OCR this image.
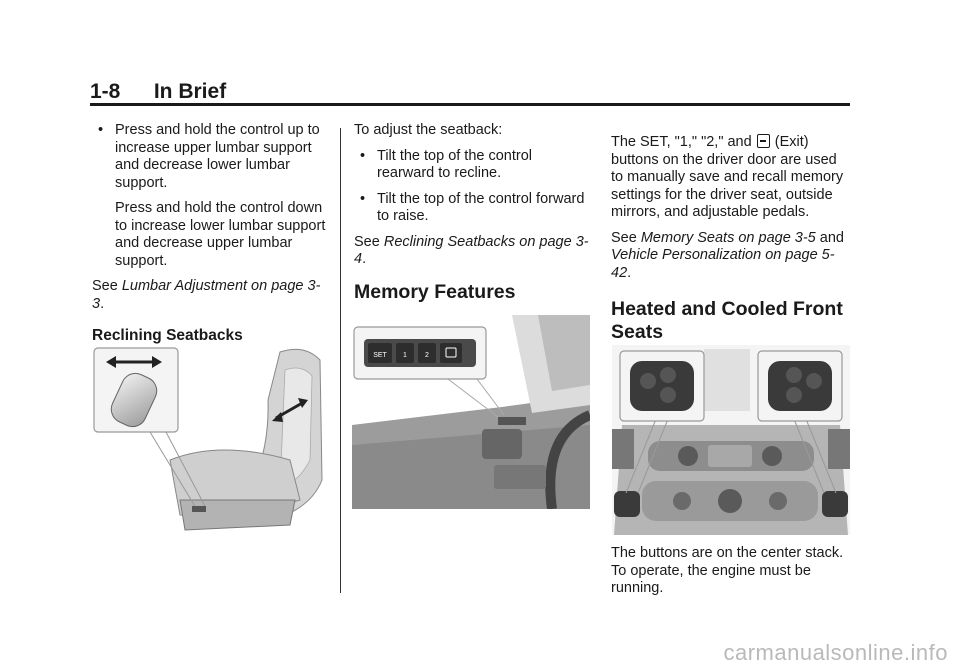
1-8 In Brief
• Press and hold the control up to increase upper lumbar support and decrease lower lumbar support.

Press and hold the control down to increase lower lumbar support and decrease upper lumbar support.

See Lumbar Adjustment on page 3-3.

Reclining Seatbacks

To adjust the seatback:

• Tilt the top of the control rearward to recline.
• Tilt the top of the control forward to raise.

See Reclining Seatbacks on page 3-4.

Memory Features
SET 1	2

The SET, "1," "2," and (Exit) buttons on the driver door are used to manually save and recall memory settings for the driver seat, outside mirrors, and adjustable pedals.

See Memory Seats on page 3-5 and Vehicle Personalization on page 5-42.

Heated and Cooled Front Seats

The buttons are on the center stack. To operate, the engine must be running.

carmanualsonline.info
